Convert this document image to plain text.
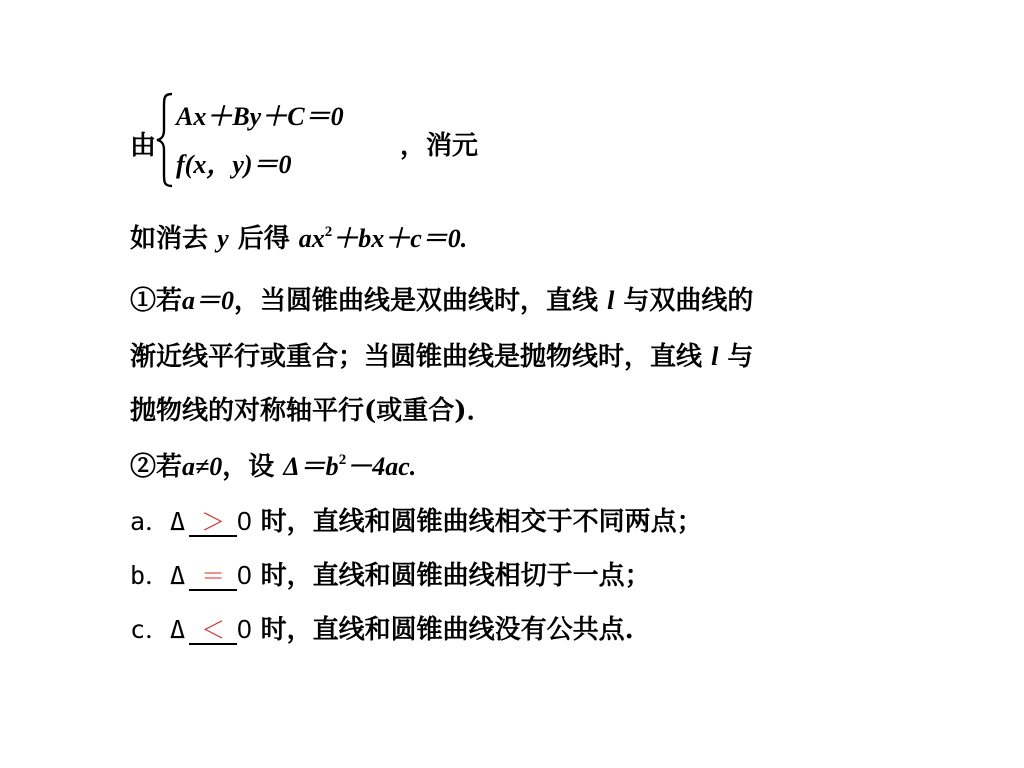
由
Ax＋By＋C＝0
f(x，y)＝0
，消元
如消去 y 后得 $ax^2+bx+c=0$.
①若a＝0，当圆锥曲线是双曲线时，直线 l 与双曲线的
渐近线平行或重合；当圆锥曲线是抛物线时，直线 l 与
抛物线的对称轴平行(或重合)．
②若a≠0，设 $\Delta=b^2-4ac$.
a．Δ ＞ 0 时，直线和圆锥曲线相交于不同两点；
b．Δ ＝ 0 时，直线和圆锥曲线相切于一点；
c．Δ ＜ 0 时，直线和圆锥曲线没有公共点.
